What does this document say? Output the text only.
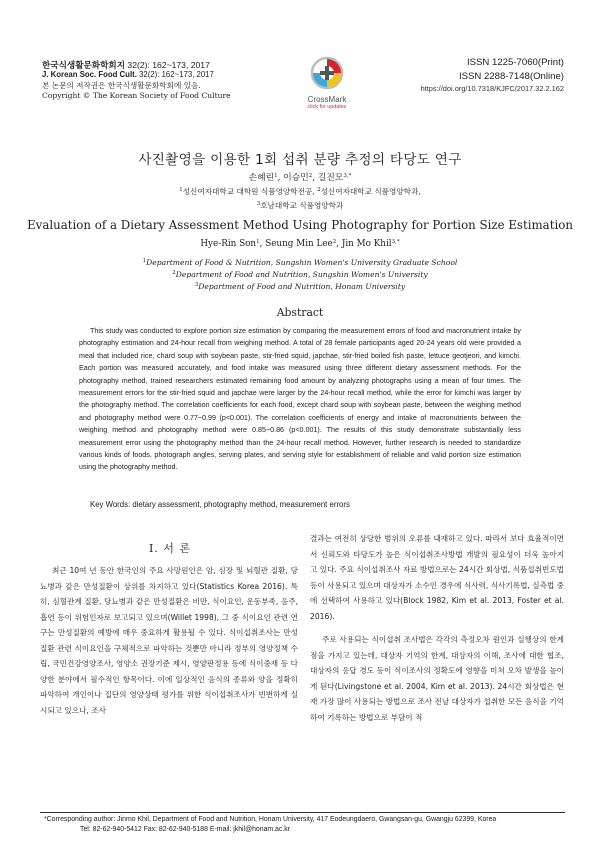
한국식생활문화학회지 32(2): 162~173, 2017
J. Korean Soc. Food Cult. 32(2): 162~173, 2017
본 논문의 저작권은 한국식생활문화학회에 있음.
Copyright © The Korean Society of Food Culture	CrossMark
click for updates
ISSN 1225-7060(Print)
ISSN 2288-7148(Online)
https://doi.org/10.7318/KJFC/2017.32.2.162
사진촬영을 이용한 1회 섭취 분량 추정의 타당도 연구
손혜린$^1$, 이승민$^2$, 길진모$^{3,*}$
$^1$성신여자대학교 대학원 식품영양학전공, $^2$성신여자대학교 식품영양학과,
$^3$호남대학교 식품영양학과
Evaluation of a Dietary Assessment Method Using Photography for Portion Size Estimation
Hye-Rin Son$^1$, Seung Min Lee$^2$, Jin Mo Khil$^{3,*}$
$^1$Department of Food & Nutrition, Sungshin Women's University Graduate School
$^2$Department of Food and Nutrition, Sungshin Women's University
$^3$Department of Food and Nutrition, Honam University
Abstract
This study was conducted to explore portion size estimation by comparing the measurement errors of food and macronutrient intake by photography estimation and 24-hour recall from weighing method. A total of 28 female participants aged 20-24 years old were provided a meal that included rice, chard soup with soybean paste, stir-fried squid, japchae, stir-fried boiled fish paste, lettuce geotjeori, and kimchi. Each portion was measured accurately, and food intake was measured using three different dietary assessment methods. For the photography method, trained researchers estimated remaining food amount by analyzing photographs using a mean of four times. The measurement errors for the stir-fried squid and japchae were larger by the 24-hour recall method, while the error for kimchi was larger by the photography method. The correlation coefficients for each food, except chard soup with soybean paste, between the weighing method and photography method were 0.77~0.99 (p<0.001). The correlation coefficients of energy and intake of macronutrients between the weighing method and photography method were 0.85~0.86 (p<0.001). The results of this study demonstrate substantially less measurement error using the photography method than the 24-hour recall method. However, further research is needed to standardize various kinds of foods, photograph angles, serving plates, and serving style for establishment of reliable and valid portion size estimation using the photography method.
Key Words: dietary assessment, photography method, measurement errors
I. 서 론

최근 10여 년 동안 한국인의 주요 사망원인은 암, 심장 및 뇌혈관 질환, 당뇨병과 같은 만성질환이 상위를 차지하고 있다(Statistics Korea 2016). 특히, 심혈관계 질환, 당뇨병과 같은 만성질환은 비만, 식이요인, 운동부족, 음주, 흡연 등이 위험인자로 보고되고 있으며(Willet 1998), 그 중 식이요인 관련 연구는 만성질환의 예방에 매우 중요하게 활용될 수 있다. 식이섭취조사는 만성질환 관련 식이요인을 구체적으로 파악하는 것뿐만 아니라 정부의 영양정책 수립, 국민건강영양조사, 영양소 권장기준 제시, 영양판정용 등에 식이중재 등 다양한 분야에서 필수적인 항목이다. 이에 일상적인 음식의 종류와 양을 정확히 파악하여 개인이나 집단의 영양상태 평가를 위한 식이섭취조사가 빈번하게 실시되고 있으나, 조사

결과는 여전히 상당한 범위의 오류를 내재하고 있다. 따라서 보다 효율적이면서 신뢰도와 타당도가 높은 식이섭취조사방법 개발의 필요성이 더욱 높아지고 있다. 주요 식이섭취조사 자료 방법으로는 24시간 회상법, 식품섭취빈도법 등이 사용되고 있으며 대상자가 소수인 경우에 식사력, 식사기록법, 실측법 중에 선택하여 사용하고 있다(Block 1982, Kim et al. 2013, Foster et al. 2016).

주로 사용되는 식이섭취 조사법은 각각의 측정오차 원인과 실행상의 한계점을 가지고 있는데, 대상자 기억의 한계, 대상자의 이해, 조사에 대한 협조, 대상자의 응답 경도 등이 식이조사의 정확도에 영향을 미쳐 오차 발생을 높이게 된다(Livingstone et al. 2004, Kim et al. 2013). 24시간 회상법은 현재 가장 많이 사용되는 방법으로 조사 전날 대상자가 섭취한 모든 음식을 기억하여 기록하는 방법으로 부담이 적

*Corresponding author: Jinmo Khil, Department of Food and Nutrition, Honam University, 417 Eodeungdaero, Gwangsan-gu, Gwangju 62399, Korea
Tel: 82-62-940-5412 Fax: 82-62-940-5188 E-mail: jkhil@honam.ac.kr
